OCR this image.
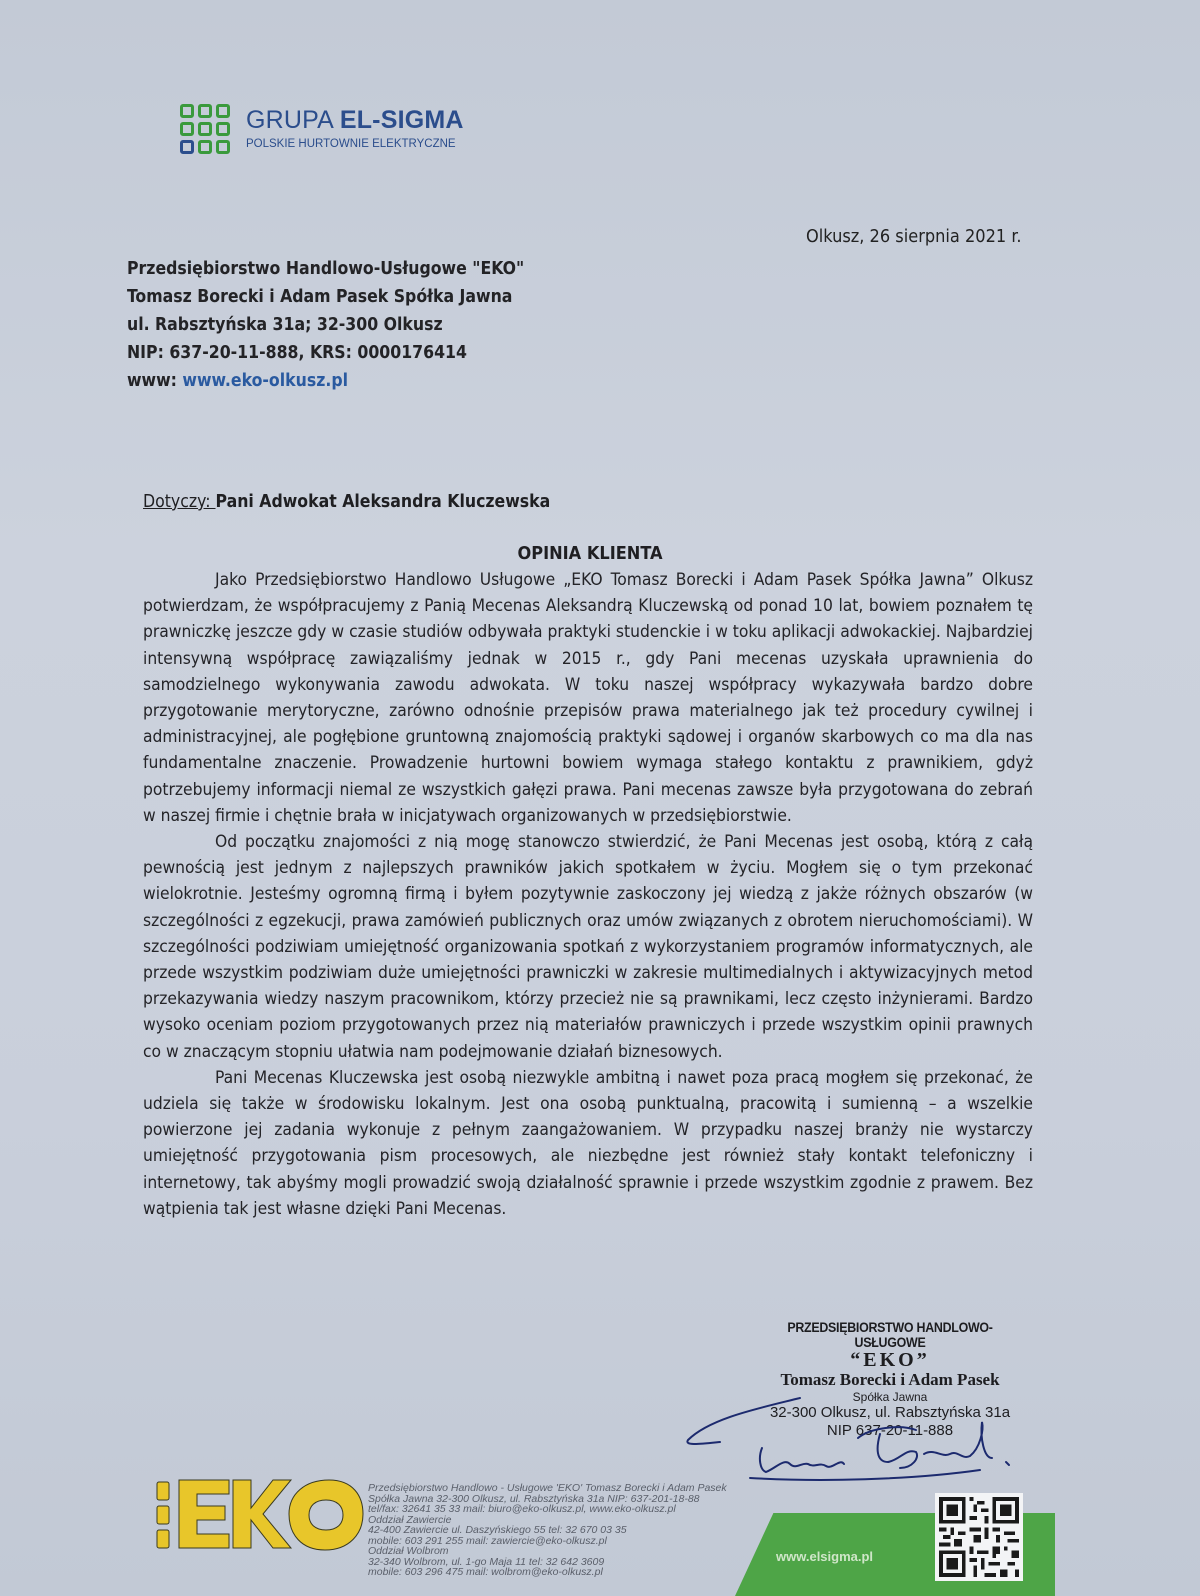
GRUPA EL-SIGMA
POLSKIE HURTOWNIE ELEKTRYCZNE
Olkusz, 26 sierpnia 2021 r.
Przedsiębiorstwo Handlowo-Usługowe "EKO"
Tomasz Borecki i Adam Pasek Spółka Jawna
ul. Rabsztyńska 31a; 32-300 Olkusz
NIP: 637-20-11-888, KRS: 0000176414
www: www.eko-olkusz.pl
Dotyczy: Pani Adwokat Aleksandra Kluczewska
OPINIA KLIENTA

Jako Przedsiębiorstwo Handlowo Usługowe „EKO Tomasz Borecki i Adam Pasek Spółka Jawna” Olkusz potwierdzam, że współpracujemy z Panią Mecenas Aleksandrą Kluczewską od ponad 10 lat, bowiem poznałem tę prawniczkę jeszcze gdy w czasie studiów odbywała praktyki studenckie i w toku aplikacji adwokackiej. Najbardziej intensywną współpracę zawiązaliśmy jednak w 2015 r., gdy Pani mecenas uzyskała uprawnienia do samodzielnego wykonywania zawodu adwokata. W toku naszej współpracy wykazywała bardzo dobre przygotowanie merytoryczne, zarówno odnośnie przepisów prawa materialnego jak też procedury cywilnej i administracyjnej, ale pogłębione gruntowną znajomością praktyki sądowej i organów skarbowych co ma dla nas fundamentalne znaczenie. Prowadzenie hurtowni bowiem wymaga stałego kontaktu z prawnikiem, gdyż potrzebujemy informacji niemal ze wszystkich gałęzi prawa. Pani mecenas zawsze była przygotowana do zebrań w naszej firmie i chętnie brała w inicjatywach organizowanych w przedsiębiorstwie.

Od początku znajomości z nią mogę stanowczo stwierdzić, że Pani Mecenas jest osobą, którą z całą pewnością jest jednym z najlepszych prawników jakich spotkałem w życiu. Mogłem się o tym przekonać wielokrotnie. Jesteśmy ogromną firmą i byłem pozytywnie zaskoczony jej wiedzą z jakże różnych obszarów (w szczególności z egzekucji, prawa zamówień publicznych oraz umów związanych z obrotem nieruchomościami). W szczególności podziwiam umiejętność organizowania spotkań z wykorzystaniem programów informatycznych, ale przede wszystkim podziwiam duże umiejętności prawniczki w zakresie multimedialnych i aktywizacyjnych metod przekazywania wiedzy naszym pracownikom, którzy przecież nie są prawnikami, lecz często inżynierami. Bardzo wysoko oceniam poziom przygotowanych przez nią materiałów prawniczych i przede wszystkim opinii prawnych co w znaczącym stopniu ułatwia nam podejmowanie działań biznesowych.

Pani Mecenas Kluczewska jest osobą niezwykle ambitną i nawet poza pracą mogłem się przekonać, że udziela się także w środowisku lokalnym. Jest ona osobą punktualną, pracowitą i sumienną – a wszelkie powierzone jej zadania wykonuje z pełnym zaangażowaniem. W przypadku naszej branży nie wystarczy umiejętność przygotowania pism procesowych, ale niezbędne jest również stały kontakt telefoniczny i internetowy, tak abyśmy mogli prowadzić swoją działalność sprawnie i przede wszystkim zgodnie z prawem. Bez wątpienia tak jest własne dzięki Pani Mecenas.

PRZEDSIĘBIORSTWO HANDLOWO-USŁUGOWE
“EKO”
Tomasz Borecki i Adam Pasek
Spółka Jawna
32-300 Olkusz, ul. Rabsztyńska 31a
NIP 637-20-11-888
Przedsiębiorstwo Handlowo - Usługowe 'EKO' Tomasz Borecki i Adam Pasek
Spółka Jawna 32-300 Olkusz, ul. Rabsztyńska 31a NIP: 637-201-18-88
tel/fax: 32641 35 33 mail: biuro@eko-olkusz.pl, www.eko-olkusz.pl
Oddział Zawiercie
42-400 Zawiercie ul. Daszyńskiego 55 tel: 32 670 03 35
mobile: 603 291 255 mail: zawiercie@eko-olkusz.pl
Oddział Wolbrom
32-340 Wolbrom, ul. 1-go Maja 11 tel: 32 642 3609
mobile: 603 296 475 mail: wolbrom@eko-olkusz.pl
www.elsigma.pl
